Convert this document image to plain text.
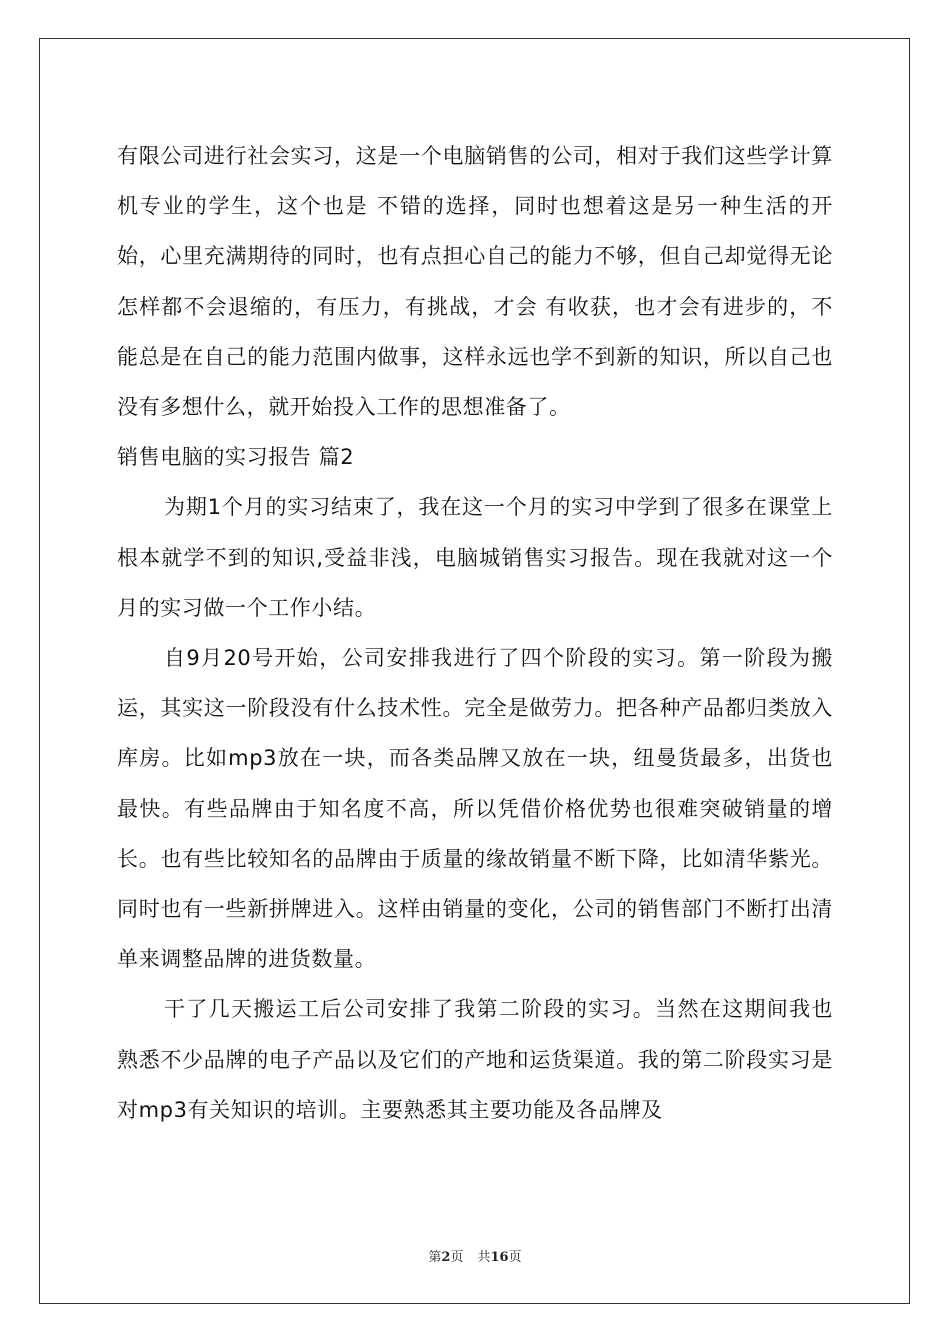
有限公司进行社会实习，这是一个电脑销售的公司，相对于我们这些学计算机专业的学生，这个也是 不错的选择，同时也想着这是另一种生活的开始，心里充满期待的同时，也有点担心自己的能力不够，但自己却觉得无论怎样都不会退缩的，有压力，有挑战，才会 有收获，也才会有进步的，不能总是在自己的能力范围内做事，这样永远也学不到新的知识，所以自己也没有多想什么，就开始投入工作的思想准备了。

销售电脑的实习报告 篇2

为期1个月的实习结束了，我在这一个月的实习中学到了很多在课堂上根本就学不到的知识,受益非浅，电脑城销售实习报告。现在我就对这一个月的实习做一个工作小结。

自9月20号开始，公司安排我进行了四个阶段的实习。第一阶段为搬运，其实这一阶段没有什么技术性。完全是做劳力。把各种产品都归类放入库房。比如mp3放在一块，而各类品牌又放在一块，纽曼货最多，出货也最快。有些品牌由于知名度不高，所以凭借价格优势也很难突破销量的增长。也有些比较知名的品牌由于质量的缘故销量不断下降，比如清华紫光。同时也有一些新拼牌进入。这样由销量的变化，公司的销售部门不断打出清单来调整品牌的进货数量。

干了几天搬运工后公司安排了我第二阶段的实习。当然在这期间我也熟悉不少品牌的电子产品以及它们的产地和运货渠道。我的第二阶段实习是对mp3有关知识的培训。主要熟悉其主要功能及各品牌及

第2页 共16页
